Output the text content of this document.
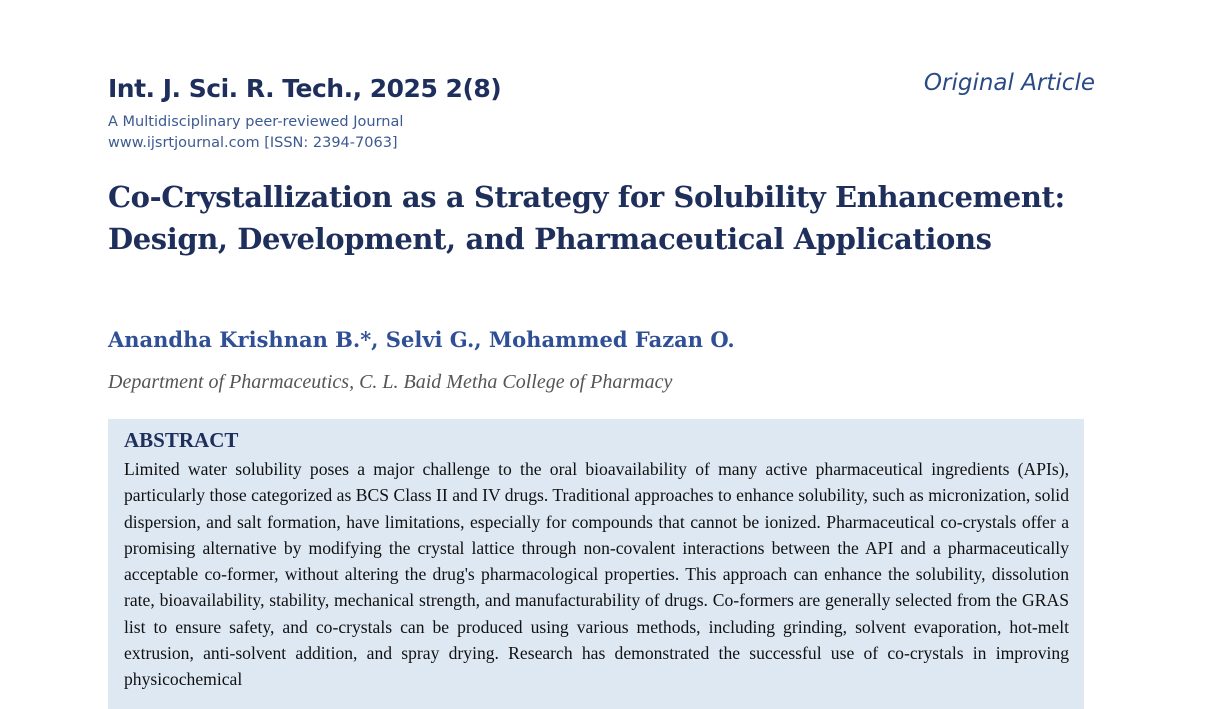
Int. J. Sci. R. Tech., 2025 2(8)	Original Article
A Multidisciplinary peer-reviewed Journal
www.ijsrtjournal.com [ISSN: 2394-7063]
Co-Crystallization as a Strategy for Solubility Enhancement: Design, Development, and Pharmaceutical Applications
Anandha Krishnan B.*, Selvi G., Mohammed Fazan O.
Department of Pharmaceutics, C. L. Baid Metha College of Pharmacy
ABSTRACT

Limited water solubility poses a major challenge to the oral bioavailability of many active pharmaceutical ingredients (APIs), particularly those categorized as BCS Class II and IV drugs. Traditional approaches to enhance solubility, such as micronization, solid dispersion, and salt formation, have limitations, especially for compounds that cannot be ionized. Pharmaceutical co-crystals offer a promising alternative by modifying the crystal lattice through non-covalent interactions between the API and a pharmaceutically acceptable co-former, without altering the drug's pharmacological properties. This approach can enhance the solubility, dissolution rate, bioavailability, stability, mechanical strength, and manufacturability of drugs. Co-formers are generally selected from the GRAS list to ensure safety, and co-crystals can be produced using various methods, including grinding, solvent evaporation, hot-melt extrusion, anti-solvent addition, and spray drying. Research has demonstrated the successful use of co-crystals in improving physicochemical
